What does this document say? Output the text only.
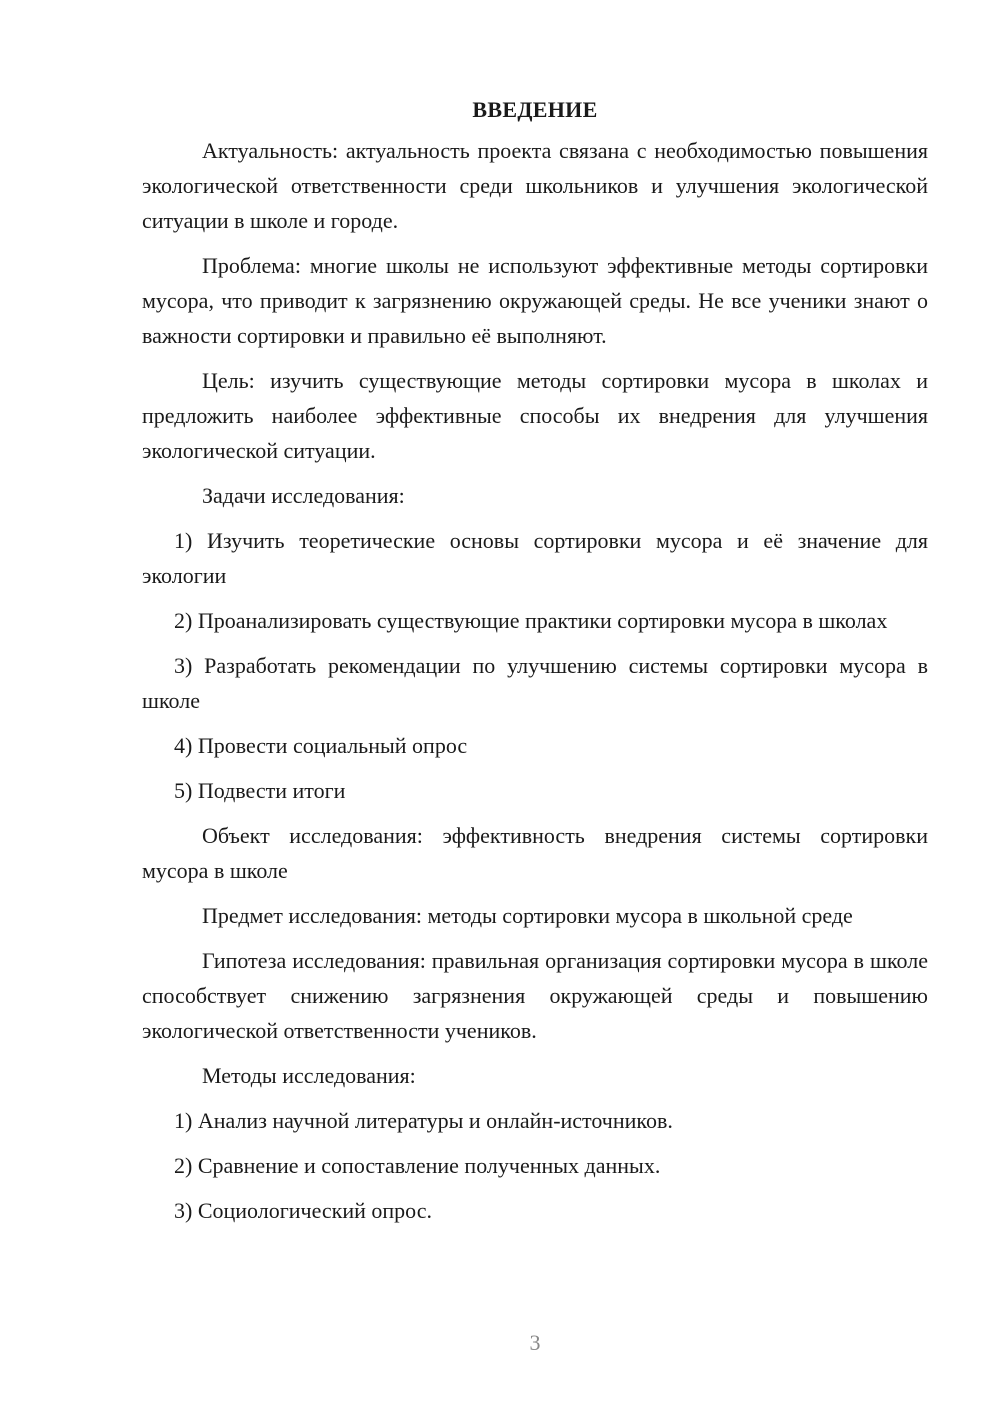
ВВЕДЕНИЕ

Актуальность: актуальность проекта связана с необходимостью повышения экологической ответственности среди школьников и улучшения экологической ситуации в школе и городе.

Проблема: многие школы не используют эффективные методы сортировки мусора, что приводит к загрязнению окружающей среды. Не все ученики знают о важности сортировки и правильно её выполняют.

Цель: изучить существующие методы сортировки мусора в школах и предложить наиболее эффективные способы их внедрения для улучшения экологической ситуации.

Задачи исследования:

1) Изучить теоретические основы сортировки мусора и её значение для экологии

2) Проанализировать существующие практики сортировки мусора в школах

3) Разработать рекомендации по улучшению системы сортировки мусора в школе

4) Провести социальный опрос

5) Подвести итоги

Объект исследования: эффективность внедрения системы сортировки мусора в школе

Предмет исследования: методы сортировки мусора в школьной среде

Гипотеза исследования: правильная организация сортировки мусора в школе способствует снижению загрязнения окружающей среды и повышению экологической ответственности учеников.

Методы исследования:

1) Анализ научной литературы и онлайн-источников.

2) Сравнение и сопоставление полученных данных.

3) Социологический опрос.

3
